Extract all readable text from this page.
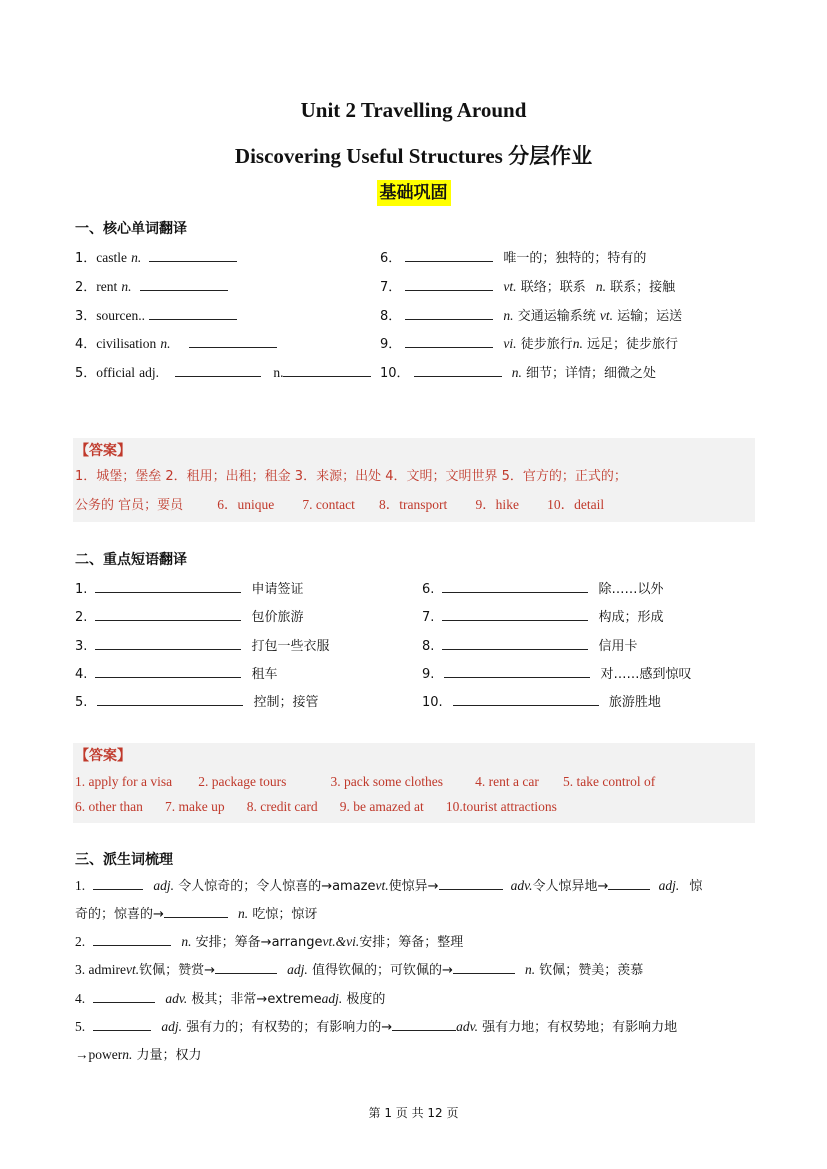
Unit 2 Travelling Around
Discovering Useful Structures 分层作业
基础巩固
一、核心单词翻译
1．castle n.
2．rent n.
3．sourcen..
4．civilisation n.
5．official adj.	n.
6．	唯一的；独特的；特有的
7．	vt. 联络；联系 n. 联系；接触
8．	n. 交通运输系统 vt. 运输；运送
9．	vi. 徒步旅行n. 远足；徒步旅行
10．	n. 细节；详情；细微之处
【答案】
1．城堡；堡垒 2．租用；出租；租金 3．来源；出处 4．文明；文明世界 5．官方的；正式的；
公务的 官员；要员	6．unique 7. contact 8．transport 9．hike 10．detail
二、重点短语翻译
1.	申请签证
2.	包价旅游
3.	打包一些衣服
4.	租车
5.	控制；接管
6.	除……以外
7.	构成；形成
8.	信用卡
9.	对……感到惊叹
10.	旅游胜地
【答案】
1. apply for a visa 2. package tours	3. pack some clothes 4. rent a car 5. take control of
6. other than 7. make up 8. credit card 9. be amazed at 10.tourist attractions
三、派生词梳理
1.	adj. 令人惊奇的；令人惊喜的→amazevt.使惊异→	adv.令人惊异地→	adj. 惊
奇的；惊喜的→	n. 吃惊；惊讶
2.	n. 安排；筹备→arrangevt.&vi.安排；筹备；整理
3. admirevt.钦佩；赞赏→	adj. 值得钦佩的；可钦佩的→	n. 钦佩；赞美；羡慕
4.	adv. 极其；非常→extremeadj. 极度的
5.	adj. 强有力的；有权势的；有影响力的→	adv. 强有力地；有权势地；有影响力地
→powern. 力量；权力
第 1 页 共 12 页
